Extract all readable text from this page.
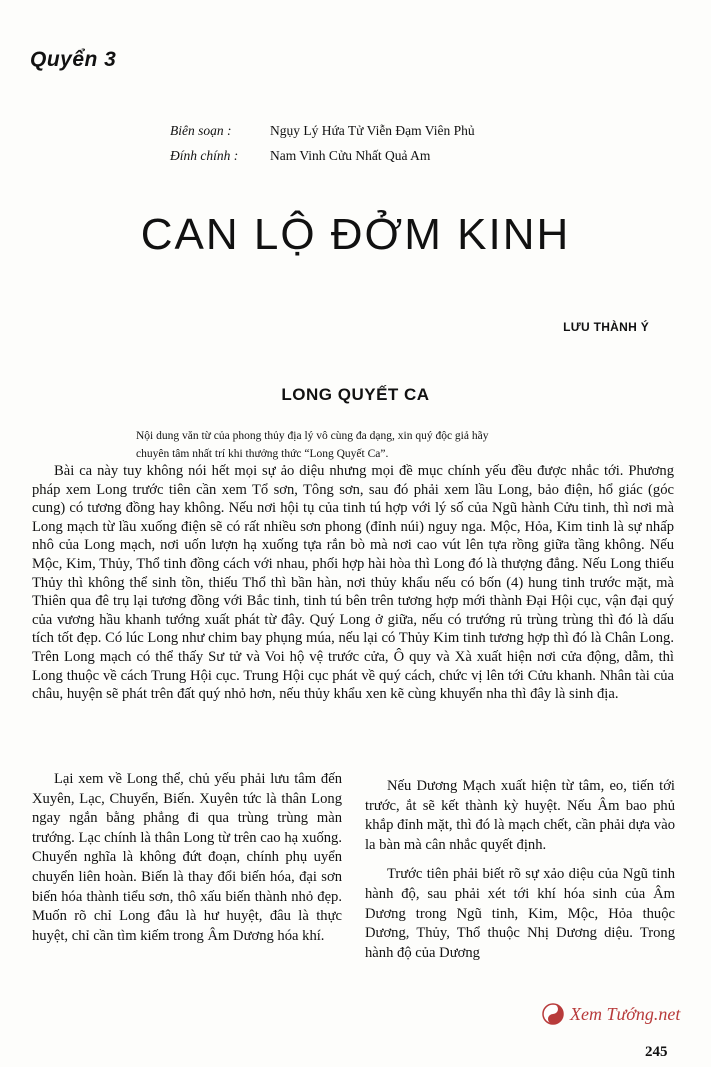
Quyển 3
Biên soạn :	Ngụy Lý Hứa Tử Viễn Đạm Viên Phủ
Đính chính :	Nam Vinh Cửu Nhất Quả Am
CAN LỘ ĐỞM KINH
LƯU THÀNH Ý
LONG QUYẾT CA

Nội dung văn từ của phong thủy địa lý vô cùng đa dạng, xin quý độc giả hãy

chuyên tâm nhất trí khi thưởng thức “Long Quyết Ca”.

Bài ca này tuy không nói hết mọi sự ảo diệu nhưng mọi đề mục chính yếu đều được nhắc tới. Phương pháp xem Long trước tiên cần xem Tổ sơn, Tông sơn, sau đó phải xem lầu Long, bảo điện, hổ giác (góc cung) có tương đồng hay không. Nếu nơi hội tụ của tinh tú hợp với lý số của Ngũ hành Cửu tinh, thì nơi mà Long mạch từ lầu xuống điện sẽ có rất nhiều sơn phong (đỉnh núi) nguy nga. Mộc, Hỏa, Kim tinh là sự nhấp nhô của Long mạch, nơi uốn lượn hạ xuống tựa rắn bò mà nơi cao vút lên tựa rồng giữa tầng không. Nếu Mộc, Kim, Thủy, Thổ tinh đồng cách với nhau, phối hợp hài hòa thì Long đó là thượng đẳng. Nếu Long thiếu Thủy thì không thể sinh tồn, thiếu Thổ thì bần hàn, nơi thủy khẩu nếu có bốn (4) hung tinh trước mặt, mà Thiên qua đê trụ lại tương đồng với Bắc tinh, tinh tú bên trên tương hợp mới thành Đại Hội cục, vận đại quý của vương hầu khanh tướng xuất phát từ đây. Quý Long ở giữa, nếu có trướng rủ trùng trùng thì đó là dấu tích tốt đẹp. Có lúc Long như chim bay phụng múa, nếu lại có Thủy Kim tinh tương hợp thì đó là Chân Long. Trên Long mạch có thể thấy Sư tử và Voi hộ vệ trước cửa, Ô quy và Xà xuất hiện nơi cửa động, dẫm, thì Long thuộc về cách Trung Hội cục. Trung Hội cục phát về quý cách, chức vị lên tới Cửu khanh. Nhân tài của châu, huyện sẽ phát trên đất quý nhỏ hơn, nếu thủy khẩu xen kẽ cùng khuyển nha thì đây là sinh địa.

Lại xem về Long thể, chủ yếu phải lưu tâm đến Xuyên, Lạc, Chuyển, Biến. Xuyên tức là thân Long ngay ngắn bằng phẳng đi qua trùng trùng màn trướng. Lạc chính là thân Long từ trên cao hạ xuống. Chuyển nghĩa là không đứt đoạn, chính phụ uyển chuyển liên hoàn. Biến là thay đổi biến hóa, đại sơn biến hóa thành tiểu sơn, thô xấu biến thành nhỏ đẹp. Muốn rõ chỉ Long đâu là hư huyệt, đâu là thực huyệt, chỉ cần tìm kiếm trong Âm Dương hóa khí.

Nếu Dương Mạch xuất hiện từ tâm, eo, tiến tới trước, ắt sẽ kết thành kỳ huyệt. Nếu Âm bao phủ khắp đỉnh mặt, thì đó là mạch chết, cần phải dựa vào la bàn mà cân nhắc quyết định.

Trước tiên phải biết rõ sự xảo diệu của Ngũ tinh hành độ, sau phải xét tới khí hóa sinh của Âm Dương trong Ngũ tinh, Kim, Mộc, Hỏa thuộc Dương, Thủy, Thổ thuộc Nhị Dương diệu. Trong hành độ của Dương

Xem Tướng.net
245
